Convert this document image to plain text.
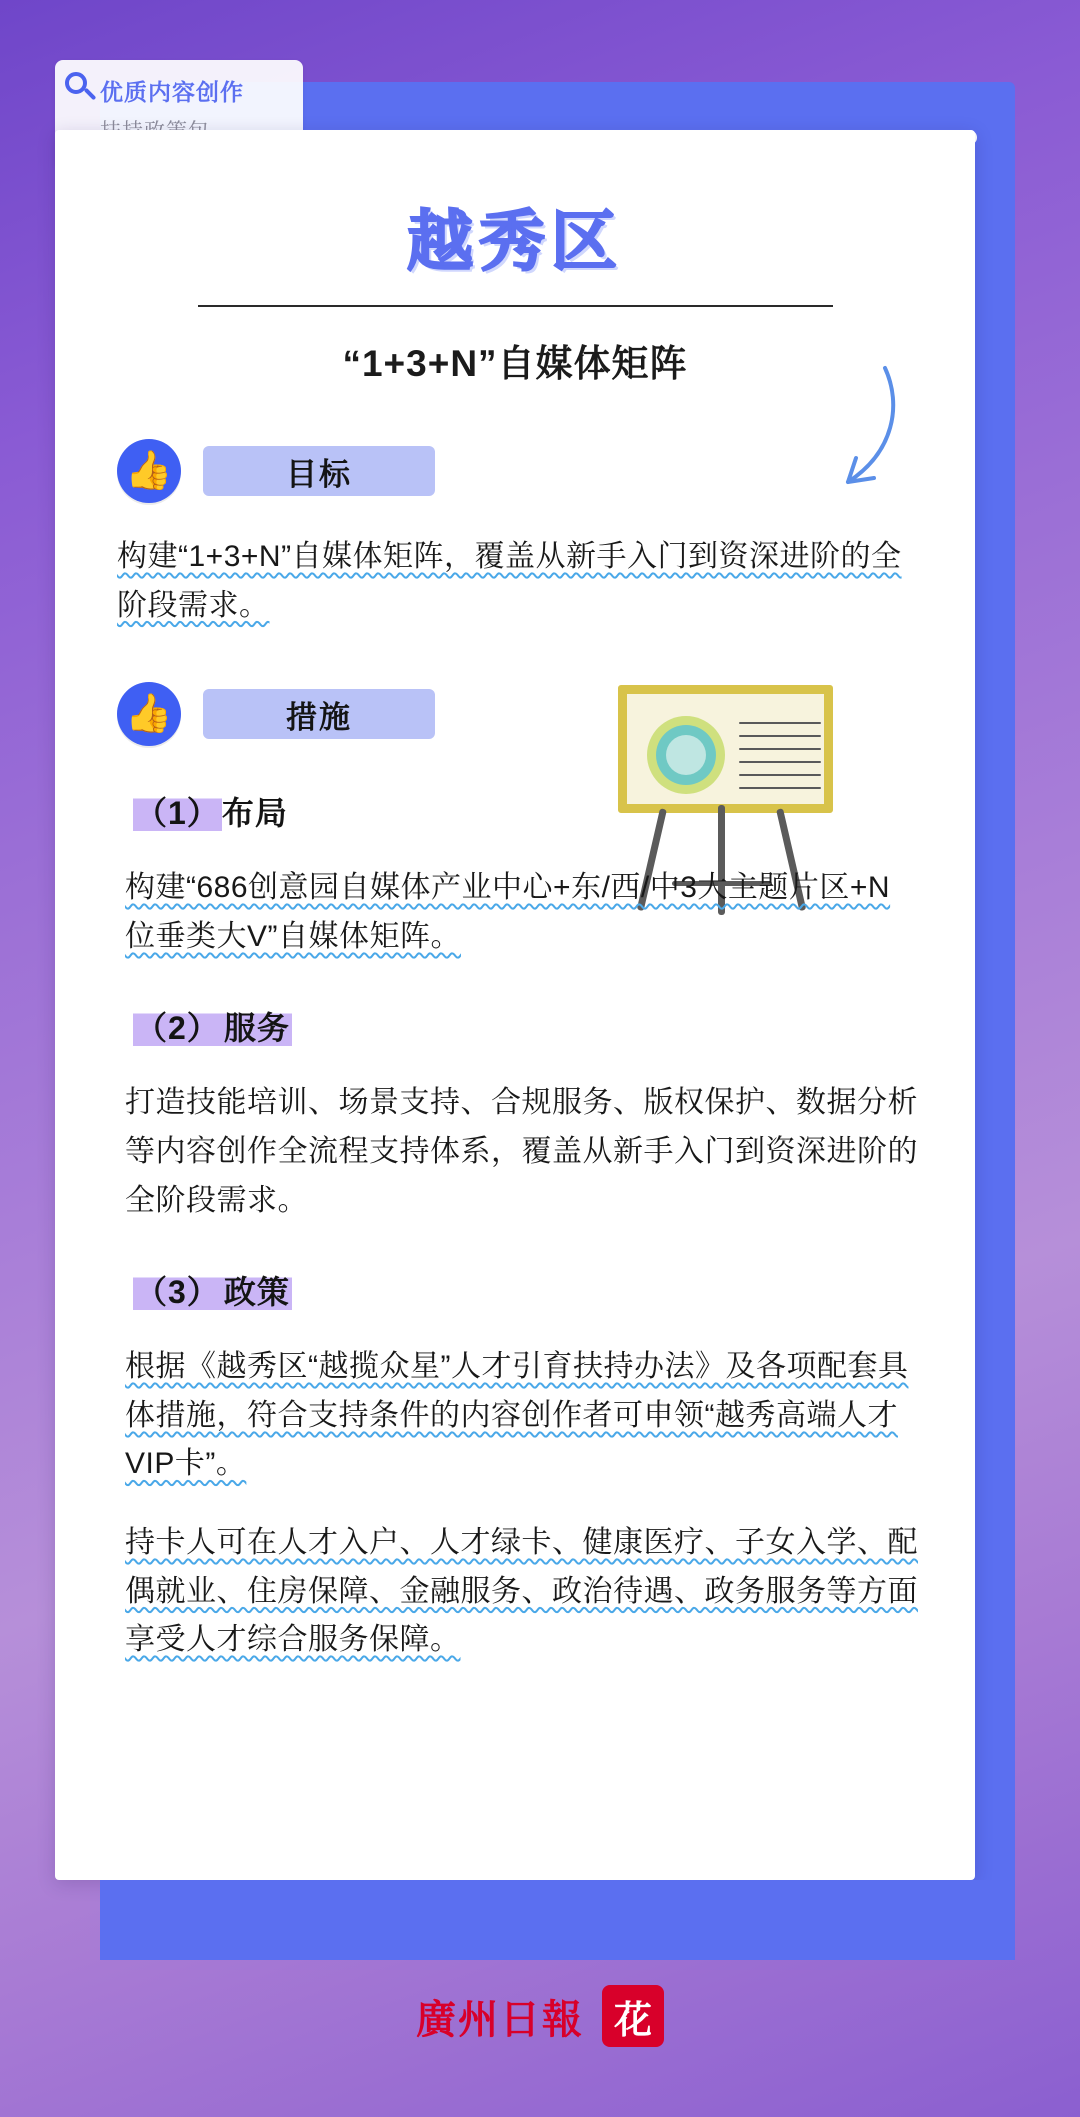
优质内容创作
越秀区
“1+3+N”自媒体矩阵
👍	目标
构建“1+3+N”自媒体矩阵，覆盖从新手入门到资深进阶的全阶段需求。
👍	措施
（1）布局
构建“686创意园自媒体产业中心+东/西/中3大主题片区+N位垂类大V”自媒体矩阵。
（2） 服务
打造技能培训、场景支持、合规服务、版权保护、数据分析等内容创作全流程支持体系，覆盖从新手入门到资深进阶的全阶段需求。
（3） 政策
根据《越秀区“越揽众星”人才引育扶持办法》及各项配套具体措施，符合支持条件的内容创作者可申领“越秀高端人才VIP卡”。
持卡人可在人才入户、人才绿卡、健康医疗、子女入学、配偶就业、住房保障、金融服务、政治待遇、政务服务等方面享受人才综合服务保障。
廣州日報 花
